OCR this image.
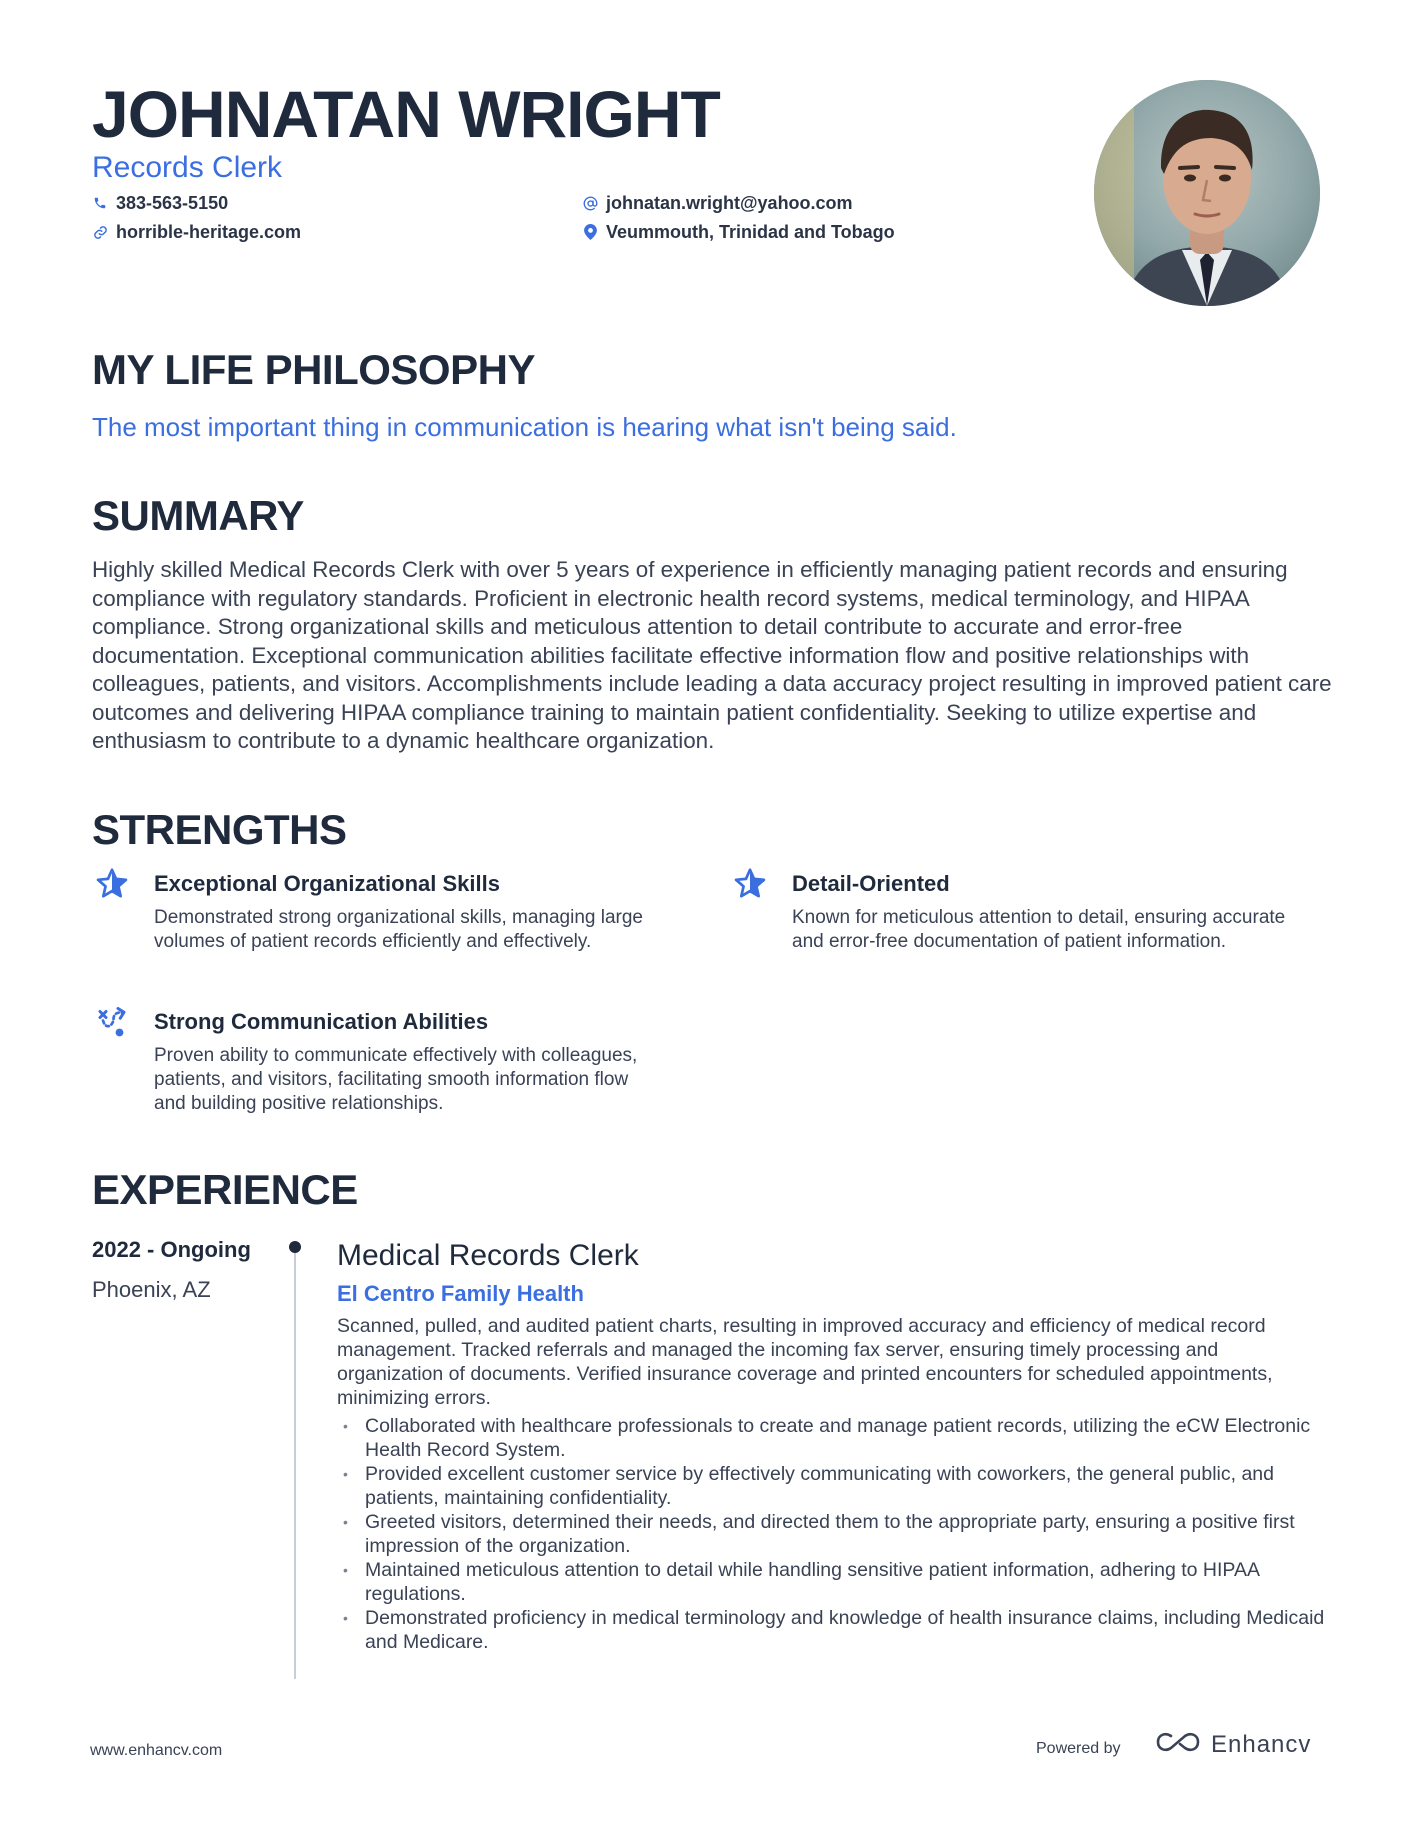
JOHNATAN WRIGHT
Records Clerk
383-563-5150	johnatan.wright@yahoo.com
horrible-heritage.com	Veummouth, Trinidad and Tobago
MY LIFE PHILOSOPHY
The most important thing in communication is hearing what isn't being said.
SUMMARY
Highly skilled Medical Records Clerk with over 5 years of experience in efficiently managing patient records and ensuring compliance with regulatory standards. Proficient in electronic health record systems, medical terminology, and HIPAA compliance. Strong organizational skills and meticulous attention to detail contribute to accurate and error-free documentation. Exceptional communication abilities facilitate effective information flow and positive relationships with colleagues, patients, and visitors. Accomplishments include leading a data accuracy project resulting in improved patient care outcomes and delivering HIPAA compliance training to maintain patient confidentiality. Seeking to utilize expertise and enthusiasm to contribute to a dynamic healthcare organization.
STRENGTHS
Exceptional Organizational Skills
Demonstrated strong organizational skills, managing large volumes of patient records efficiently and effectively.
Detail-Oriented
Known for meticulous attention to detail, ensuring accurate and error-free documentation of patient information.
Strong Communication Abilities
Proven ability to communicate effectively with colleagues, patients, and visitors, facilitating smooth information flow and building positive relationships.
EXPERIENCE
2022 - Ongoing
Phoenix, AZ
Medical Records Clerk
El Centro Family Health
Scanned, pulled, and audited patient charts, resulting in improved accuracy and efficiency of medical record management. Tracked referrals and managed the incoming fax server, ensuring timely processing and organization of documents. Verified insurance coverage and printed encounters for scheduled appointments, minimizing errors.
• Collaborated with healthcare professionals to create and manage patient records, utilizing the eCW Electronic Health Record System.
• Provided excellent customer service by effectively communicating with coworkers, the general public, and patients, maintaining confidentiality.
• Greeted visitors, determined their needs, and directed them to the appropriate party, ensuring a positive first impression of the organization.
• Maintained meticulous attention to detail while handling sensitive patient information, adhering to HIPAA regulations.
• Demonstrated proficiency in medical terminology and knowledge of health insurance claims, including Medicaid and Medicare.
www.enhancv.com	Powered by	Enhancv
